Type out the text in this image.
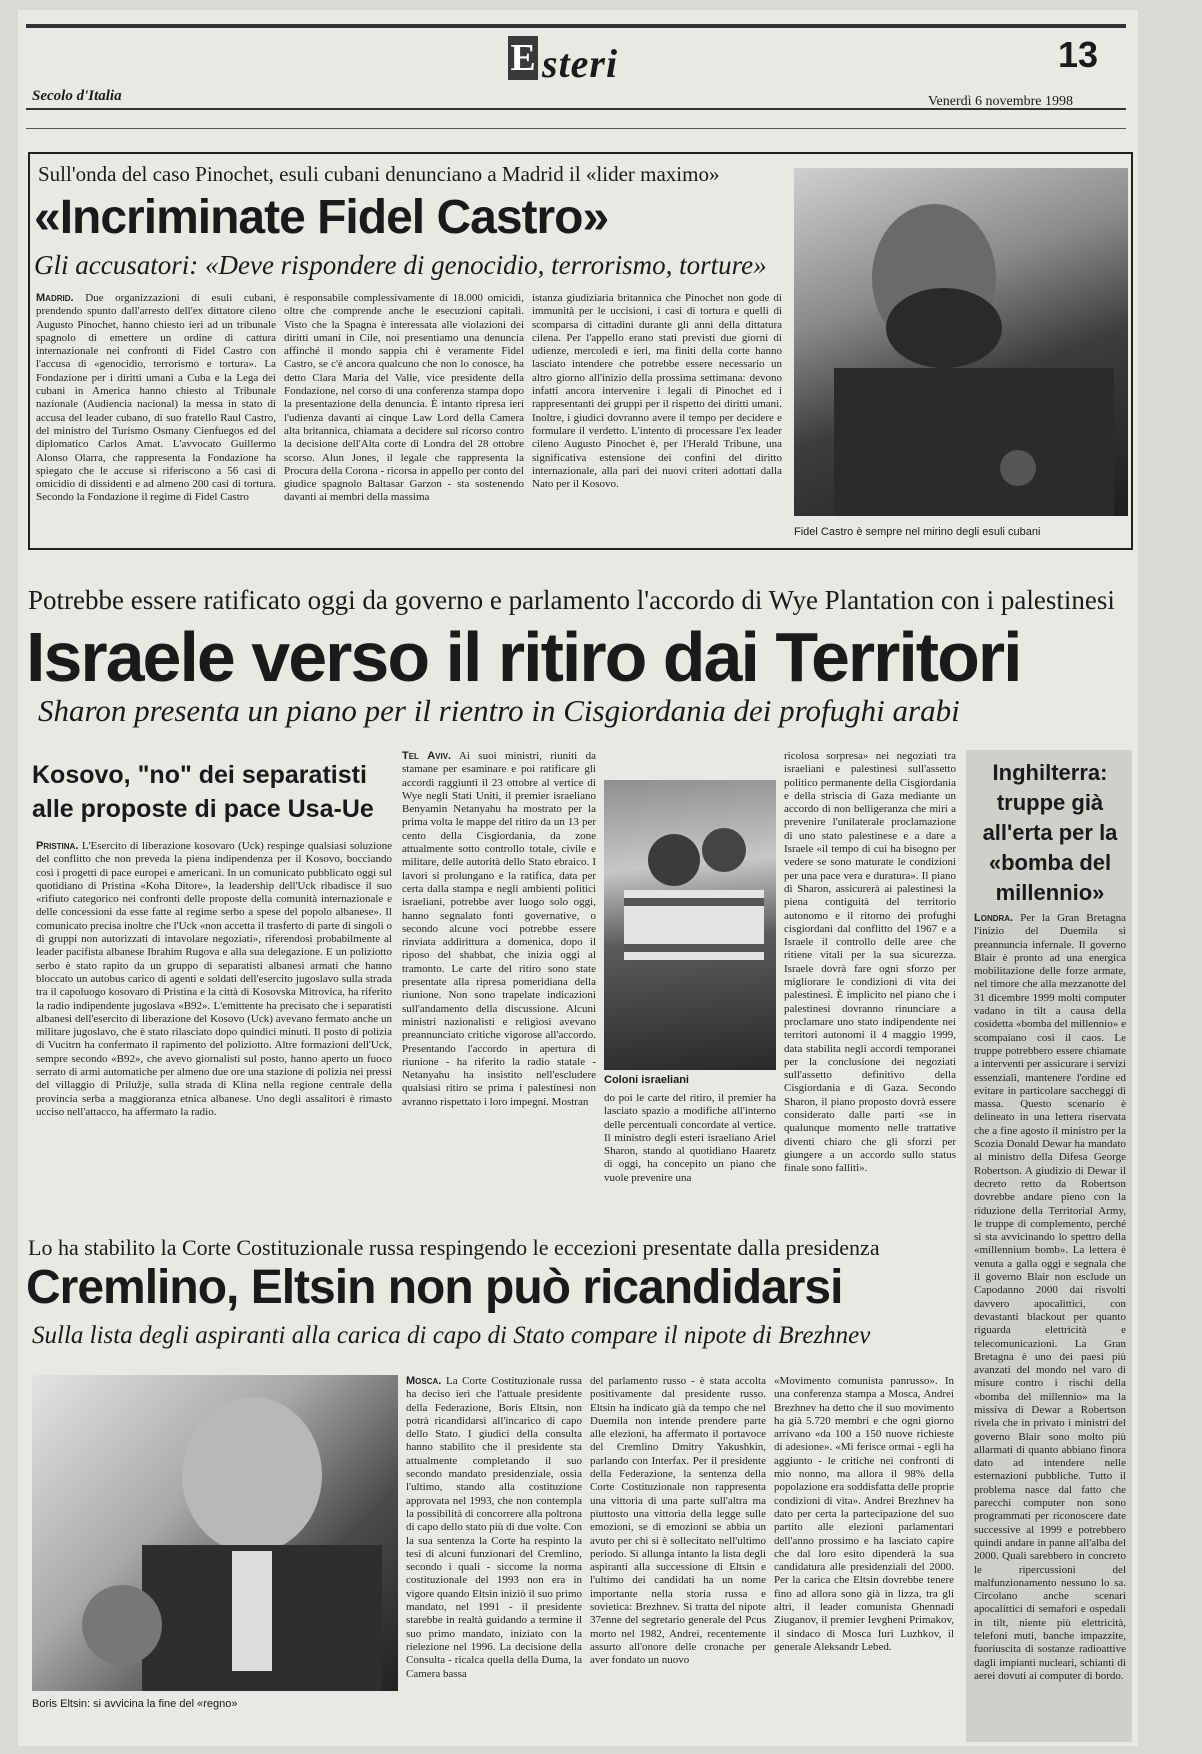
E steri	13
Secolo d'Italia	Venerdì 6 novembre 1998
Sull'onda del caso Pinochet, esuli cubani denunciano a Madrid il «lider maximo»
«Incriminate Fidel Castro»
Gli accusatori: «Deve rispondere di genocidio, terrorismo, torture»
Madrid. Due organizzazioni di esuli cubani, prendendo spunto dall'arresto dell'ex dittatore cileno Augusto Pinochet, hanno chiesto ieri ad un tribunale spagnolo di emettere un ordine di cattura internazionale nei confronti di Fidel Castro con l'accusa di «genocidio, terrorismo e tortura». La Fondazione per i diritti umani a Cuba e la Lega dei cubani in America hanno chiesto al Tribunale nazionale (Audiencia nacional) la messa in stato di accusa del leader cubano, di suo fratello Raul Castro, del ministro del Turismo Osmany Cienfuegos ed del diplomatico Carlos Amat. L'avvocato Guillermo Alonso Olarra, che rappresenta la Fondazione ha spiegato che le accuse si riferiscono a 56 casi di omicidio di dissidenti e ad almeno 200 casi di tortura. Secondo la Fondazione il regime di Fidel Castro
è responsabile complessivamente di 18.000 omicidi, oltre che comprende anche le esecuzioni capitali. Visto che la Spagna è interessata alle violazioni dei diritti umani in Cile, noi presentiamo una denuncia affinché il mondo sappia chi è veramente Fidel Castro, se c'è ancora qualcuno che non lo conosce, ha detto Clara Maria del Valle, vice presidente della Fondazione, nel corso di una conferenza stampa dopo la presentazione della denuncia. È intanto ripresa ieri l'udienza davanti ai cinque Law Lord della Camera alta britannica, chiamata a decidere sul ricorso contro la decisione dell'Alta corte di Londra del 28 ottobre scorso. Alun Jones, il legale che rappresenta la Procura della Corona - ricorsa in appello per conto del giudice spagnolo Baltasar Garzon - sta sostenendo davanti ai membri della massima
istanza giudiziaria britannica che Pinochet non gode di immunità per le uccisioni, i casi di tortura e quelli di scomparsa di cittadini durante gli anni della dittatura cilena. Per l'appello erano stati previsti due giorni di udienze, mercoledì e ieri, ma finiti della corte hanno lasciato intendere che potrebbe essere necessario un altro giorno all'inizio della prossima settimana: devono infatti ancora intervenire i legali di Pinochet ed i rappresentanti dei gruppi per il rispetto dei diritti umani. Inoltre, i giudici dovranno avere il tempo per decidere e formulare il verdetto. L'intento di processare l'ex leader cileno Augusto Pinochet è, per l'Herald Tribune, una significativa estensione dei confini del diritto internazionale, alla pari dei nuovi criteri adottati dalla Nato per il Kosovo.
Fidel Castro è sempre nel mirino degli esuli cubani
Potrebbe essere ratificato oggi da governo e parlamento l'accordo di Wye Plantation con i palestinesi
Israele verso il ritiro dai Territori
Sharon presenta un piano per il rientro in Cisgiordania dei profughi arabi
Kosovo, "no" dei separatisti alle proposte di pace Usa-Ue
Pristina. L'Esercito di liberazione kosovaro (Uck) respinge qualsiasi soluzione del conflitto che non preveda la piena indipendenza per il Kosovo, bocciando così i progetti di pace europei e americani. In un comunicato pubblicato oggi sul quotidiano di Pristina «Koha Ditore», la leadership dell'Uck ribadisce il suo «rifiuto categorico nei confronti delle proposte della comunità internazionale e delle concessioni da esse fatte al regime serbo a spese del popolo albanese». Il comunicato precisa inoltre che l'Uck «non accetta il trasferto di parte di singoli o di gruppi non autorizzati di intavolare negoziati», riferendosi probabilmente al leader pacifista albanese Ibrahim Rugova e alla sua delegazione. E un poliziotto serbo è stato rapito da un gruppo di separatisti albanesi armati che hanno bloccato un autobus carico di agenti e soldati dell'esercito jugoslavo sulla strada tra il capoluogo kosovaro di Pristina e la città di Kosovska Mitrovica, ha riferito la radio indipendente jugoslava «B92». L'emittente ha precisato che i separatisti albanesi dell'esercito di liberazione del Kosovo (Uck) avevano fermato anche un militare jugoslavo, che è stato rilasciato dopo quindici minuti. Il posto di polizia di Vucitrn ha confermato il rapimento del poliziotto. Altre formazioni dell'Uck, sempre secondo «B92», che avevo giornalisti sul posto, hanno aperto un fuoco serrato di armi automatiche per almeno due ore una stazione di polizia nei pressi del villaggio di Prilužje, sulla strada di Klina nella regione centrale della provincia serba a maggioranza etnica albanese. Uno degli assalitori è rimasto ucciso nell'attacco, ha affermato la radio.
Tel Aviv. Ai suoi ministri, riuniti da stamane per esaminare e poi ratificare gli accordi raggiunti il 23 ottobre al vertice di Wye negli Stati Uniti, il premier israeliano Benyamin Netanyahu ha mostrato per la prima volta le mappe del ritiro da un 13 per cento della Cisgiordania, da zone attualmente sotto controllo totale, civile e militare, delle autorità dello Stato ebraico. I lavori si prolungano e la ratifica, data per certa dalla stampa e negli ambienti politici israeliani, potrebbe aver luogo solo oggi, hanno segnalato fonti governative, o secondo alcune voci potrebbe essere rinviata addirittura a domenica, dopo il riposo del shabbat, che inizia oggi al tramonto. Le carte del ritiro sono state presentate alla ripresa pomeridiana della riunione. Non sono trapelate indicazioni sull'andamento della discussione. Alcuni ministri nazionalisti e religiosi avevano preannunciato critiche vigorose all'accordo. Presentando l'accordo in apertura di riunione - ha riferito la radio statale - Netanyahu ha insistito nell'escludere qualsiasi ritiro se prima i palestinesi non avranno rispettato i loro impegni. Mostran
Coloni israeliani
do poi le carte del ritiro, il premier ha lasciato spazio a modifiche all'interno delle percentuali concordate al vertice. Il ministro degli esteri israeliano Ariel Sharon, stando al quotidiano Haaretz di oggi, ha concepito un piano che vuole prevenire una
ricolosa sorpresa» nei negoziati tra israeliani e palestinesi sull'assetto politico permanente della Cisgiordania e della striscia di Gaza mediante un accordo di non belligeranza che miri a prevenire l'unilaterale proclamazione di uno stato palestinese e a dare a Israele «il tempo di cui ha bisogno per vedere se sono maturate le condizioni per una pace vera e duratura». Il piano di Sharon, assicurerà ai palestinesi la piena contiguità del territorio autonomo e il ritorno dei profughi cisgiordani dal conflitto del 1967 e a Israele il controllo delle aree che ritiene vitali per la sua sicurezza. Israele dovrà fare ogni sforzo per migliorare le condizioni di vita dei palestinesi. È implicito nel piano che i palestinesi dovranno rinunciare a proclamare uno stato indipendente nei territori autonomi il 4 maggio 1999, data stabilita negli accordi temporanei per la conclusione dei negoziati sull'assetto definitivo della Cisgiordania e di Gaza. Secondo Sharon, il piano proposto dovrà essere considerato dalle parti «se in qualunque momento nelle trattative diventi chiaro che gli sforzi per giungere a un accordo sullo status finale sono falliti».
Inghilterra: truppe già all'erta per la «bomba del millennio»
Londra. Per la Gran Bretagna l'inizio del Duemila si preannuncia infernale. Il governo Blair è pronto ad una energica mobilitazione delle forze armate, nel timore che alla mezzanotte del 31 dicembre 1999 molti computer vadano in tilt a causa della cosidetta «bomba del millennio» e scompaiano così il caos. Le truppe potrebbero essere chiamate a interventi per assicurare i servizi essenziali, mantenere l'ordine ed evitare in particolare saccheggi di massa. Questo scenario è delineato in una lettera riservata che a fine agosto il ministro per la Scozia Donald Dewar ha mandato al ministro della Difesa George Robertson. A giudizio di Dewar il decreto retto da Robertson dovrebbe andare pieno con la riduzione della Territorial Army, le truppe di complemento, perché si sta avvicinando lo spettro della «millennium bomb». La lettera è venuta a galla oggi e segnala che il governo Blair non esclude un Capodanno 2000 dai risvolti davvero apocalittici, con devastanti blackout per quanto riguarda elettricità e telecomunicazioni. La Gran Bretagna è uno dei paesi più avanzati del mondo nel varo di misure contro i rischi della «bomba del millennio» ma la missiva di Dewar a Robertson rivela che in privato i ministri del governo Blair sono molto più allarmati di quanto abbiano finora dato ad intendere nelle esternazioni pubbliche. Tutto il problema nasce dal fatto che parecchi computer non sono programmati per riconoscere date successive al 1999 e potrebbero quindi andare in panne all'alba del 2000. Quali sarebbero in concreto le ripercussioni del malfunzionamento nessuno lo sa. Circolano anche scenari apocalittici di semafori e ospedali in tilt, niente più elettricità, telefoni muti, banche impazzite, fuoriuscita di sostanze radioattive dagli impianti nucleari, schianti di aerei dovuti ai computer di bordo.
Lo ha stabilito la Corte Costituzionale russa respingendo le eccezioni presentate dalla presidenza
Cremlino, Eltsin non può ricandidarsi
Sulla lista degli aspiranti alla carica di capo di Stato compare il nipote di Brezhnev
Boris Eltsin: si avvicina la fine del «regno»
Mosca. La Corte Costituzionale russa ha deciso ieri che l'attuale presidente della Federazione, Boris Eltsin, non potrà ricandidarsi all'incarico di capo dello Stato. I giudici della consulta hanno stabilito che il presidente sta attualmente completando il suo secondo mandato presidenziale, ossia l'ultimo, stando alla costituzione approvata nel 1993, che non contempla la possibilità di concorrere alla poltrona di capo dello stato più di due volte. Con la sua sentenza la Corte ha respinto la tesi di alcuni funzionari del Cremlino, secondo i quali - siccome la norma costituzionale del 1993 non era in vigore quando Eltsin iniziò il suo primo mandato, nel 1991 - il presidente starebbe in realtà guidando a termine il suo primo mandato, iniziato con la rielezione nel 1996. La decisione della Consulta - ricalca quella della Duma, la Camera bassa
del parlamento russo - è stata accolta positivamente dal presidente russo. Eltsin ha indicato già da tempo che nel Duemila non intende prendere parte alle elezioni, ha affermato il portavoce del Cremlino Dmitry Yakushkin, parlando con Interfax. Per il presidente della Federazione, la sentenza della Corte Costituzionale non rappresenta una vittoria di una parte sull'altra ma piuttosto una vittoria della legge sulle emozioni, se di emozioni se abbia un avuto per chi si è sollecitato nell'ultimo periodo. Si allunga intanto la lista degli aspiranti alla successione di Eltsin e l'ultimo dei candidati ha un nome importante nella storia russa e sovietica: Brezhnev. Si tratta del nipote 37enne del segretario generale del Pcus morto nel 1982, Andrei, recentemente assurto all'onore delle cronache per aver fondato un nuovo
«Movimento comunista panrusso». In una conferenza stampa a Mosca, Andrei Brezhnev ha detto che il suo movimento ha già 5.720 membri e che ogni giorno arrivano «da 100 a 150 nuove richieste di adesione». «Mi ferisce ormai - egli ha aggiunto - le critiche nei confronti di mio nonno, ma allora il 98% della popolazione era soddisfatta delle proprie condizioni di vita». Andrei Brezhnev ha dato per certa la partecipazione del suo partito alle elezioni parlamentari dell'anno prossimo e ha lasciato capire che dal loro esito dipenderà la sua candidatura alle presidenziali del 2000. Per la carica che Eltsin dovrebbe tenere fino ad allora sono già in lizza, tra gli altri, il leader comunista Ghennadi Ziuganov, il premier Ievgheni Primakov, il sindaco di Mosca Iuri Luzhkov, il generale Aleksandr Lebed.
